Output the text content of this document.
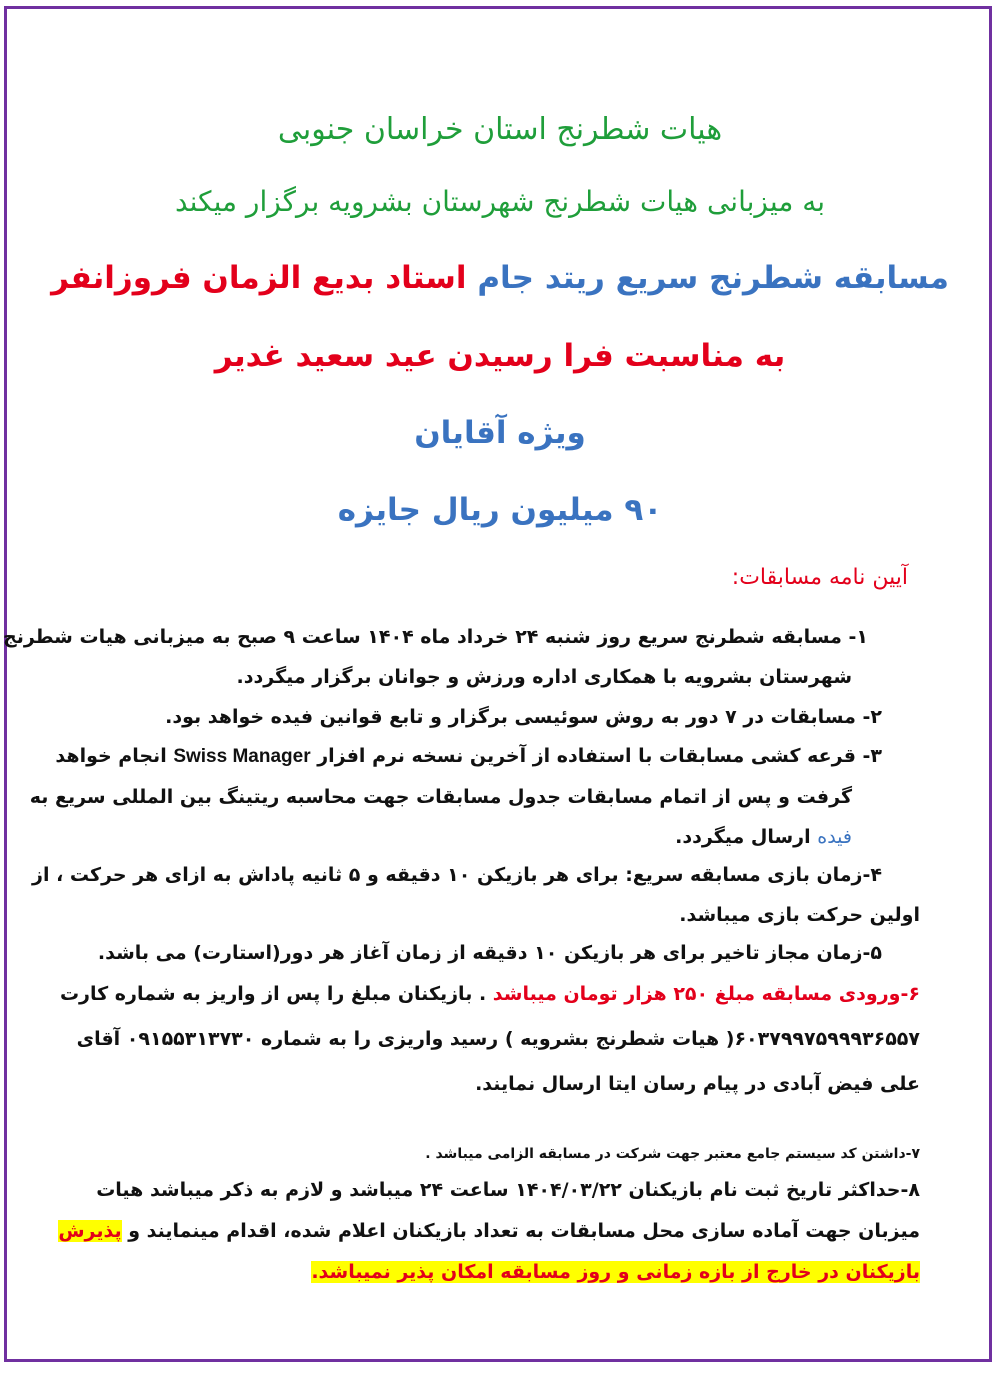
هیات شطرنج استان خراسان جنوبی
به میزبانی هیات شطرنج شهرستان بشرویه برگزار میکند
مسابقه شطرنج سریع ریتد جام استاد بدیع الزمان فروزانفر
به مناسبت فرا رسیدن عید سعید غدیر
ویژه آقایان
۹۰ میلیون ریال جایزه
آیین نامه مسابقات:
۱- مسابقه شطرنج سریع روز شنبه ۲۴ خرداد ماه ۱۴۰۴ ساعت ۹ صبح به میزبانی هیات شطرنج
شهرستان بشرویه با همکاری اداره ورزش و جوانان برگزار میگردد.
۲- مسابقات در ۷ دور به روش سوئیسی برگزار و تابع قوانین فیده خواهد بود.
۳- قرعه کشی مسابقات با استفاده از آخرین نسخه نرم افزار Swiss Manager انجام خواهد
گرفت و پس از اتمام مسابقات جدول مسابقات جهت محاسبه ریتینگ بین المللی سریع به
فیده ارسال میگردد.
۴-زمان بازی مسابقه سریع: برای هر بازیکن ۱۰ دقیقه و ۵ ثانیه پاداش به ازای هر حرکت ، از
اولین حرکت بازی میباشد.
۵-زمان مجاز تاخیر برای هر بازیکن ۱۰ دقیقه از زمان آغاز هر دور(استارت) می باشد.
۶-ورودی مسابقه مبلغ ۲۵۰ هزار تومان میباشد . بازیکنان مبلغ را پس از واریز به شماره کارت
۶۰۳۷۹۹۷۵۹۹۹۳۶۵۵۷( هیات شطرنج بشرویه ) رسید واریزی را به شماره ۰۹۱۵۵۳۱۳۷۳۰ آقای
علی فیض آبادی در پیام رسان ایتا ارسال نمایند.
۷-داشتن کد سیستم جامع معتبر جهت شرکت در مسابقه الزامی میباشد .
۸-حداکثر تاریخ ثبت نام بازیکنان ۱۴۰۴/۰۳/۲۲ ساعت ۲۴ میباشد و لازم به ذکر میباشد هیات
میزبان جهت آماده سازی محل مسابقات به تعداد بازیکنان اعلام شده، اقدام مینمایند و پذیرش
بازیکنان در خارج از بازه زمانی و روز مسابقه امکان پذیر نمیباشد.
